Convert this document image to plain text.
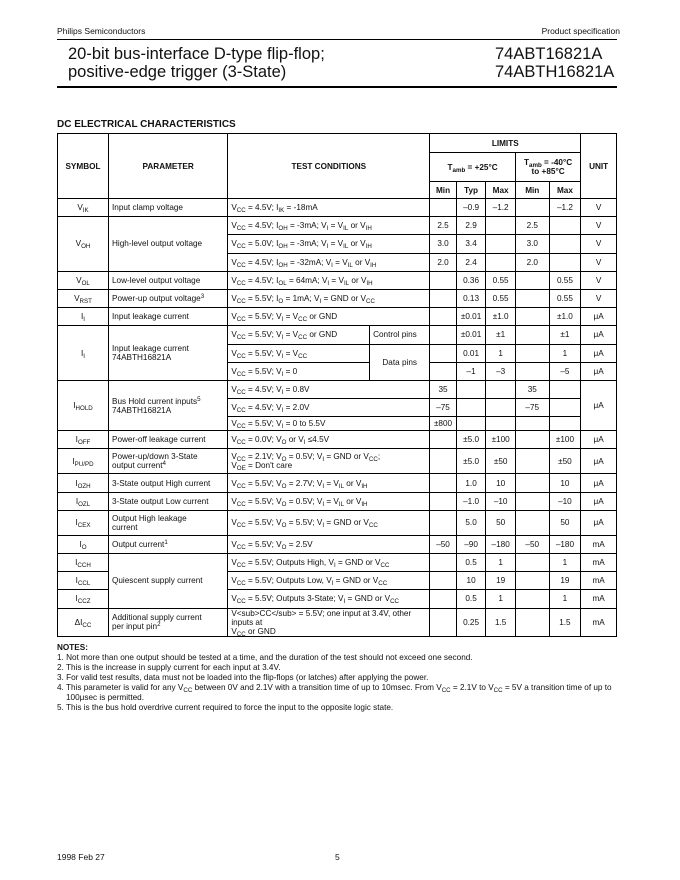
Philips Semiconductors	Product specification
20-bit bus-interface D-type flip-flop;
positive-edge trigger (3-State)
74ABT16821A
74ABTH16821A
DC ELECTRICAL CHARACTERISTICS
SYMBOL	PARAMETER	TEST CONDITIONS		LIMITS					UNIT
				$T_{amb} = +25^\circ C$			$T_{amb} = -40^\circ C$
to +85°C		
				Min	Typ	Max	Min	Max	
$V_{IK}$	Input clamp voltage	$V_{CC} = 4.5V$; $I_{IK} = -18mA$			–0.9	–1.2		–1.2	V
$V_{OH}$	High-level output voltage	$V_{CC} = 4.5V$; $I_{OH} = -3mA$; $V_I = V_{IL}$ or $V_{IH}$		2.5	2.9		2.5		V
		$V_{CC} = 5.0V$; $I_{OH} = -3mA$; $V_I = V_{IL}$ or $V_{IH}$		3.0	3.4		3.0		V
		$V_{CC} = 4.5V$; $I_{OH} = -32mA$; $V_I = V_{IL}$ or $V_{IH}$		2.0	2.4		2.0		V
$V_{OL}$	Low-level output voltage	$V_{CC} = 4.5V$; $I_{OL} = 64mA$; $V_I = V_{IL}$ or $V_{IH}$			0.36	0.55		0.55	V
$V_{RST}$	Power-up output voltage$^3$	$V_{CC} = 5.5V$; $I_O = 1mA$; $V_I$ = GND or $V_{CC}$			0.13	0.55		0.55	V
$I_I$	Input leakage current	$V_{CC} = 5.5V$; $V_I = V_{CC}$ or GND			±0.01	±1.0		±1.0	μA
$I_I$	Input leakage current
74ABTH16821A	$V_{CC} = 5.5V$; $V_I = V_{CC}$ or GND	Control pins		±0.01	±1		±1	μA
		$V_{CC} = 5.5V$; $V_I = V_{CC}$	Data pins		0.01	1		1	μA
		$V_{CC} = 5.5V$; $V_I = 0$			–1	–3		–5	μA
$I_{HOLD}$	Bus Hold current inputs$^5$
74ABTH16821A	$V_{CC} = 4.5V$; $V_I = 0.8V$		35			35		μA
		$V_{CC} = 4.5V$; $V_I = 2.0V$		–75			–75		
		$V_{CC} = 5.5V$; $V_I = 0$ to 5.5V		±800					
$I_{OFF}$	Power-off leakage current	$V_{CC} = 0.0V$; $V_O$ or $V_I \le 4.5V$			±5.0	±100		±100	μA
$I_{PU/PD}$	Power-up/down 3-State
output current$^4$	$V_{CC} = 2.1V$; $V_O = 0.5V$; $V_I$ = GND or $V_{CC}$;
$V_{OE} = Don't$ care			±5.0	±50		±50	μA
$I_{OZH}$	3-State output High current	$V_{CC} = 5.5V$; $V_O = 2.7V$; $V_I = V_{IL}$ or $V_{IH}$			1.0	10		10	μA
$I_{OZL}$	3-State output Low current	$V_{CC} = 5.5V$; $V_O = 0.5V$; $V_I = V_{IL}$ or $V_{IH}$			–1.0	–10		–10	μA
$I_{CEX}$	Output High leakage
current	$V_{CC} = 5.5V$; $V_O = 5.5V$; $V_I$ = GND or $V_{CC}$			5.0	50		50	μA
$I_O$	Output current$^1$	$V_{CC} = 5.5V$; $V_O = 2.5V$		–50	–90	–180	–50	–180	mA
$I_{CCH}$	Quiescent supply current	$V_{CC} = 5.5V$; Outputs High, $V_I$ = GND or $V_{CC}$			0.5	1		1	mA
$I_{CCL}$		$V_{CC} = 5.5V$; Outputs Low, $V_I$ = GND or $V_{CC}$			10	19		19	mA
$I_{CCZ}$		$V_{CC} = 5.5V$; Outputs 3-State; $V_I$ = GND or $V_{CC}$			0.5	1		1	mA
$\Delta I_{CC}$	Additional supply current
per input pin$^2$	V<sub>CC</sub> = 5.5V; one input at 3.4V, other inputs at
$V_{CC}$ or GND			0.25	1.5		1.5	mA
NOTES:
1. Not more than one output should be tested at a time, and the duration of the test should not exceed one second.
2. This is the increase in supply current for each input at 3.4V.
3. For valid test results, data must not be loaded into the flip-flops (or latches) after applying the power.
4. This parameter is valid for any $V_{CC}$ between 0V and 2.1V with a transition time of up to 10msec. From $V_{CC} = 2.1V$ to $V_{CC} = 5V$ a transition time of up to 100μsec is permitted.
5. This is the bus hold overdrive current required to force the input to the opposite logic state.
1998 Feb 27	5
